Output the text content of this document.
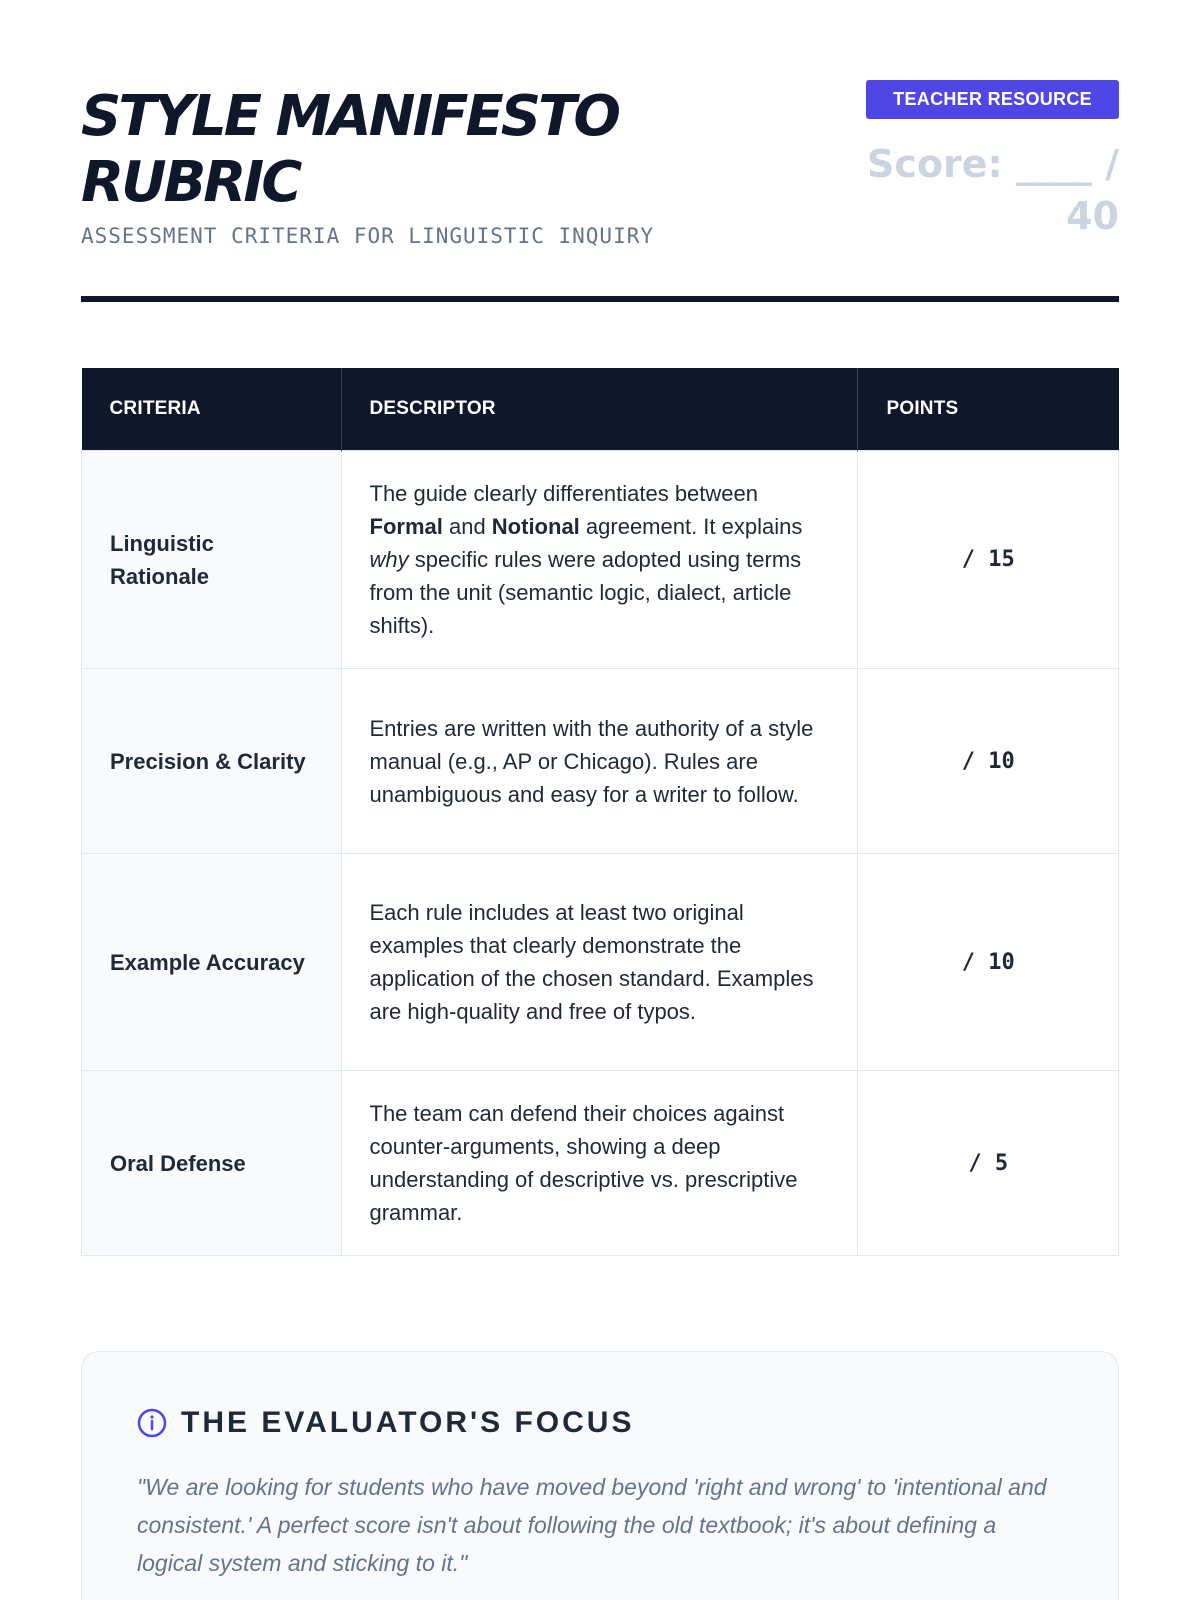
STYLE MANIFESTO RUBRIC
ASSESSMENT CRITERIA FOR LINGUISTIC INQUIRY
TEACHER RESOURCE
Score: ____ / 40
CRITERIA	DESCRIPTOR	POINTS
Linguistic Rationale	The guide clearly differentiates between Formal and Notional agreement. It explains why specific rules were adopted using terms from the unit (semantic logic, dialect, article shifts).	/ 15
Precision & Clarity	Entries are written with the authority of a style manual (e.g., AP or Chicago). Rules are unambiguous and easy for a writer to follow.	/ 10
Example Accuracy	Each rule includes at least two original examples that clearly demonstrate the application of the chosen standard. Examples are high-quality and free of typos.	/ 10
Oral Defense	The team can defend their choices against counter-arguments, showing a deep understanding of descriptive vs. prescriptive grammar.	/ 5
THE EVALUATOR'S FOCUS
"We are looking for students who have moved beyond 'right and wrong' to 'intentional and consistent.' A perfect score isn't about following the old textbook; it's about defining a logical system and sticking to it."
